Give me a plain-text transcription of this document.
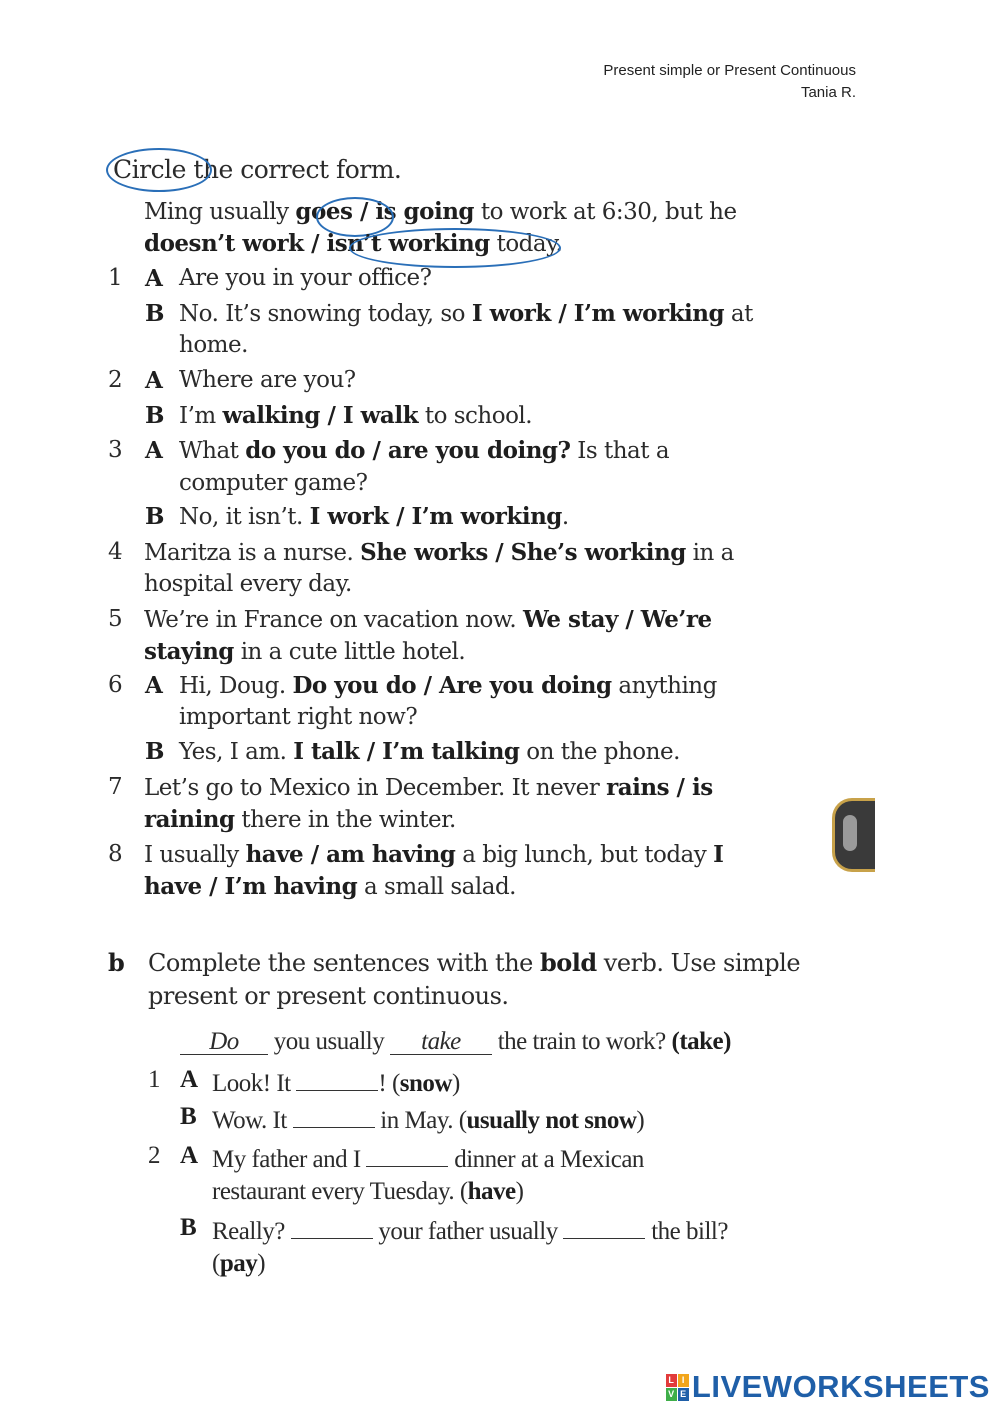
Present simple or Present Continuous
Tania R.
Circle the correct form.
Ming usually goes / is going to work at 6:30, but he
doesn’t work / isn’t working today.
1 A Are you in your office?
B No. It’s snowing today, so I work / I’m working at
home.
2 A Where are you?
B I’m walking / I walk to school.
3 A What do you do / are you doing? Is that a
computer game?
B No, it isn’t. I work / I’m working.
4 Maritza is a nurse. She works / She’s working in a
hospital every day.
5 We’re in France on vacation now. We stay / We’re
staying in a cute little hotel.
6 A Hi, Doug. Do you do / Are you doing anything
important right now?
B Yes, I am. I talk / I’m talking on the phone.
7 Let’s go to Mexico in December. It never rains / is
raining there in the winter.
8 I usually have / am having a big lunch, but today I
have / I’m having a small salad.
b Complete the sentences with the bold verb. Use simple
present or present continuous.
Do you usually take the train to work? (take)
1 A Look! It	! (snow)
B Wow. It	in May. (usually not snow)
2 A My father and I	dinner at a Mexican
restaurant every Tuesday. (have)
B Really?	your father usually	the bill?
(pay)
L I
V E LIVEWORKSHEETS
